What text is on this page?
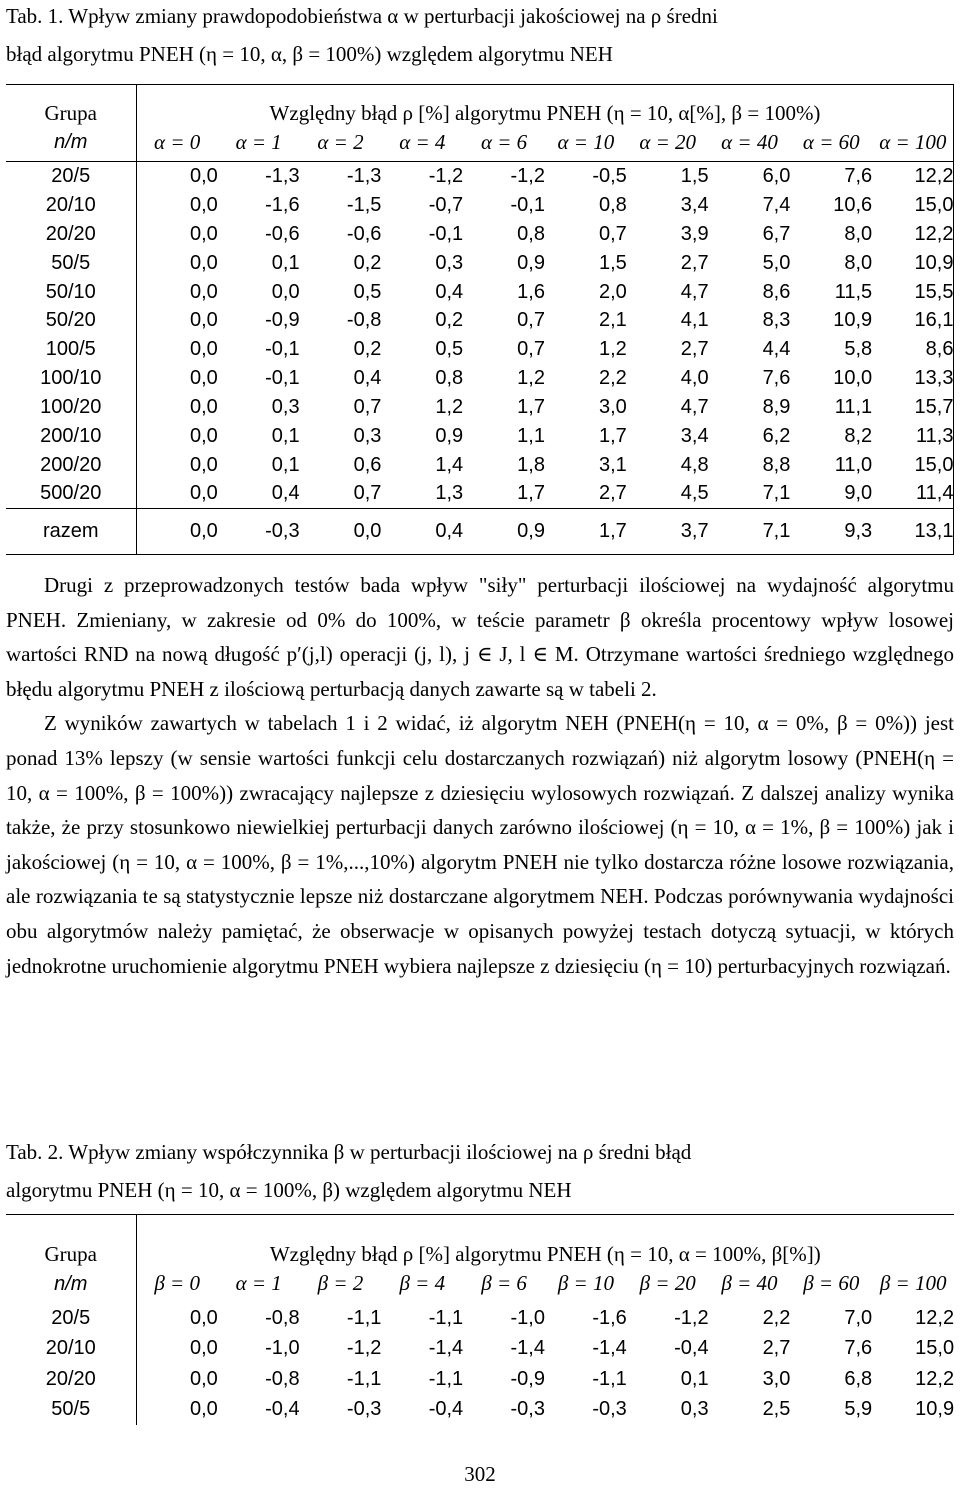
Tab. 1. Wpływ zmiany prawdopodobieństwa α w perturbacji jakościowej na ρ średni
błąd algorytmu PNEH (η = 10, α, β = 100%) względem algorytmu NEH
Grupa	Względny błąd ρ [%] algorytmu PNEH (η = 10, α[%], β = 100%)									
n/m	α = 0	α = 1	α = 2	α = 4	α = 6	α = 10	α = 20	α = 40	α = 60	α = 100
20/5	0,0	-1,3	-1,3	-1,2	-1,2	-0,5	1,5	6,0	7,6	12,2
20/10	0,0	-1,6	-1,5	-0,7	-0,1	0,8	3,4	7,4	10,6	15,0
20/20	0,0	-0,6	-0,6	-0,1	0,8	0,7	3,9	6,7	8,0	12,2
50/5	0,0	0,1	0,2	0,3	0,9	1,5	2,7	5,0	8,0	10,9
50/10	0,0	0,0	0,5	0,4	1,6	2,0	4,7	8,6	11,5	15,5
50/20	0,0	-0,9	-0,8	0,2	0,7	2,1	4,1	8,3	10,9	16,1
100/5	0,0	-0,1	0,2	0,5	0,7	1,2	2,7	4,4	5,8	8,6
100/10	0,0	-0,1	0,4	0,8	1,2	2,2	4,0	7,6	10,0	13,3
100/20	0,0	0,3	0,7	1,2	1,7	3,0	4,7	8,9	11,1	15,7
200/10	0,0	0,1	0,3	0,9	1,1	1,7	3,4	6,2	8,2	11,3
200/20	0,0	0,1	0,6	1,4	1,8	3,1	4,8	8,8	11,0	15,0
500/20	0,0	0,4	0,7	1,3	1,7	2,7	4,5	7,1	9,0	11,4
razem	0,0	-0,3	0,0	0,4	0,9	1,7	3,7	7,1	9,3	13,1

Drugi z przeprowadzonych testów bada wpływ "siły" perturbacji ilościowej na wydajność algorytmu PNEH. Zmieniany, w zakresie od 0% do 100%, w teście parametr β określa procentowy wpływ losowej wartości RND na nową długość p′(j,l) operacji (j, l), j ∈ J, l ∈ M. Otrzymane wartości średniego względnego błędu algorytmu PNEH z ilościową perturbacją danych zawarte są w tabeli 2.

Z wyników zawartych w tabelach 1 i 2 widać, iż algorytm NEH (PNEH(η = 10, α = 0%, β = 0%)) jest ponad 13% lepszy (w sensie wartości funkcji celu dostarczanych rozwiązań) niż algorytm losowy (PNEH(η = 10, α = 100%, β = 100%)) zwracający najlepsze z dziesięciu wylosowych rozwiązań. Z dalszej analizy wynika także, że przy stosunkowo niewielkiej perturbacji danych zarówno ilościowej (η = 10, α = 1%, β = 100%) jak i jakościowej (η = 10, α = 100%, β = 1%,...,10%) algorytm PNEH nie tylko dostarcza różne losowe rozwiązania, ale rozwiązania te są statystycznie lepsze niż dostarczane algorytmem NEH. Podczas porównywania wydajności obu algorytmów należy pamiętać, że obserwacje w opisanych powyżej testach dotyczą sytuacji, w których jednokrotne uruchomienie algorytmu PNEH wybiera najlepsze z dziesięciu (η = 10) perturbacyjnych rozwiązań.

Tab. 2. Wpływ zmiany współczynnika β w perturbacji ilościowej na ρ średni błąd
algorytmu PNEH (η = 10, α = 100%, β) względem algorytmu NEH
Grupa	Względny błąd ρ [%] algorytmu PNEH (η = 10, α = 100%, β[%])									
n/m	β = 0	α = 1	β = 2	β = 4	β = 6	β = 10	β = 20	β = 40	β = 60	β = 100
20/5	0,0	-0,8	-1,1	-1,1	-1,0	-1,6	-1,2	2,2	7,0	12,2
20/10	0,0	-1,0	-1,2	-1,4	-1,4	-1,4	-0,4	2,7	7,6	15,0
20/20	0,0	-0,8	-1,1	-1,1	-0,9	-1,1	0,1	3,0	6,8	12,2
50/5	0,0	-0,4	-0,3	-0,4	-0,3	-0,3	0,3	2,5	5,9	10,9
302
